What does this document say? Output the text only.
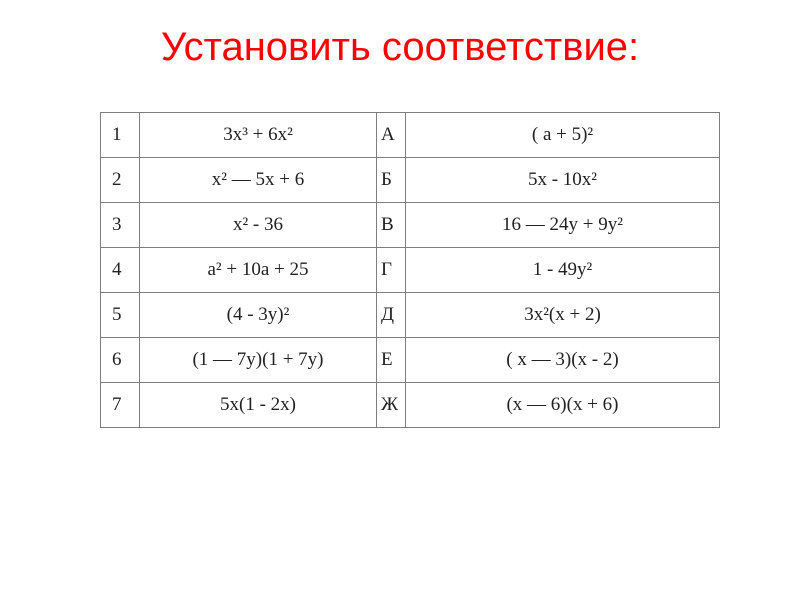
Установить соответствие:
1	3x³ + 6x²	А	( a + 5)²
2	x² — 5x + 6	Б	5x - 10x²
3	x² - 36	В	16 — 24y + 9y²
4	a² + 10a + 25	Г	1 - 49y²
5	(4 - 3y)²	Д	3x²(x + 2)
6	(1 — 7y)(1 + 7y)	Е	( x — 3)(x - 2)
7	5x(1 - 2x)	Ж	(x — 6)(x + 6)
